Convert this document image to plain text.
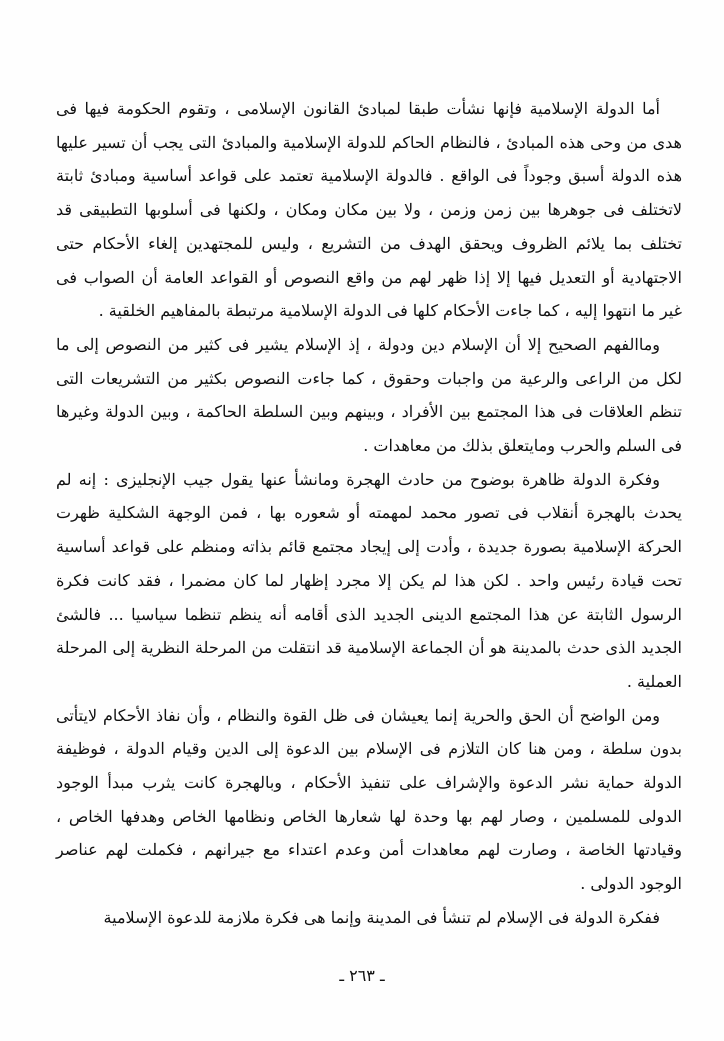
أما الدولة الإسلامية فإنها نشأت طبقا لمبادئ القانون الإسلامى ، وتقوم الحكومة فيها فى هدى من وحى هذه المبادئ ، فالنظام الحاكم للدولة الإسلامية والمبادئ التى يجب أن تسير عليها هذه الدولة أسبق وجوداً فى الواقع . فالدولة الإسلامية تعتمد على قواعد أساسية ومبادئ ثابتة لاتختلف فى جوهرها بين زمن وزمن ، ولا بين مكان ومكان ، ولكنها فى أسلوبها التطبيقى قد تختلف بما يلائم الظروف ويحقق الهدف من التشريع ، وليس للمجتهدين إلغاء الأحكام حتى الاجتهادية أو التعديل فيها إلا إذا ظهر لهم من واقع النصوص أو القواعد العامة أن الصواب فى غير ما انتهوا إليه ، كما جاءت الأحكام كلها فى الدولة الإسلامية مرتبطة بالمفاهيم الخلقية .

وماالفهم الصحيح إلا أن الإسلام دين ودولة ، إذ الإسلام يشير فى كثير من النصوص إلى ما لكل من الراعى والرعية من واجبات وحقوق ، كما جاءت النصوص بكثير من التشريعات التى تنظم العلاقات فى هذا المجتمع بين الأفراد ، وبينهم وبين السلطة الحاكمة ، وبين الدولة وغيرها فى السلم والحرب ومايتعلق بذلك من معاهدات .

وفكرة الدولة ظاهرة بوضوح من حادث الهجرة ومانشأ عنها يقول جيب الإنجليزى : إنه لم يحدث بالهجرة أنقلاب فى تصور محمد لمهمته أو شعوره بها ، فمن الوجهة الشكلية ظهرت الحركة الإسلامية بصورة جديدة ، وأدت إلى إيجاد مجتمع قائم بذاته ومنظم على قواعد أساسية تحت قيادة رئيس واحد . لكن هذا لم يكن إلا مجرد إظهار لما كان مضمرا ، فقد كانت فكرة الرسول الثابتة عن هذا المجتمع الدينى الجديد الذى أقامه أنه ينظم تنظما سياسيا ... فالشئ الجديد الذى حدث بالمدينة هو أن الجماعة الإسلامية قد انتقلت من المرحلة النظرية إلى المرحلة العملية .

ومن الواضح أن الحق والحرية إنما يعيشان فى ظل القوة والنظام ، وأن نفاذ الأحكام لايتأتى بدون سلطة ، ومن هنا كان التلازم فى الإسلام بين الدعوة إلى الدين وقيام الدولة ، فوظيفة الدولة حماية نشر الدعوة والإشراف على تنفيذ الأحكام ، وبالهجرة كانت يثرب مبدأ الوجود الدولى للمسلمين ، وصار لهم بها وحدة لها شعارها الخاص ونظامها الخاص وهدفها الخاص ، وقيادتها الخاصة ، وصارت لهم معاهدات أمن وعدم اعتداء مع جيرانهم ، فكملت لهم عناصر الوجود الدولى .

ففكرة الدولة فى الإسلام لم تنشأ فى المدينة وإنما هى فكرة ملازمة للدعوة الإسلامية

ـ ٢٦٣ ـ
